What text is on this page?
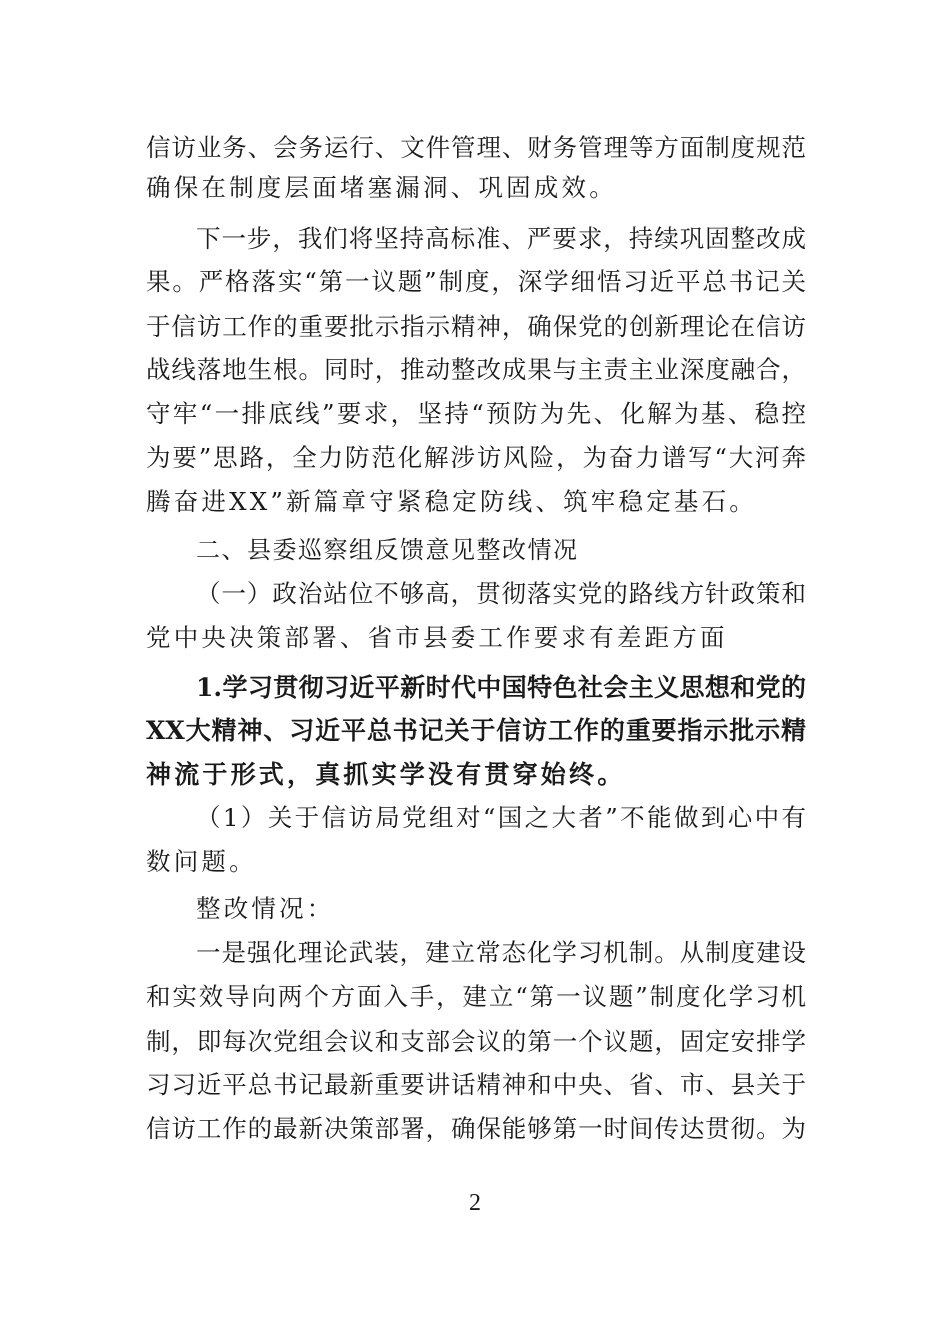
信访业务、会务运行、文件管理、财务管理等方面制度规范
确保在制度层面堵塞漏洞、巩固成效。
下一步，我们将坚持高标准、严要求，持续巩固整改成
果。严格落实“第一议题”制度，深学细悟习近平总书记关
于信访工作的重要批示指示精神，确保党的创新理论在信访
战线落地生根。同时，推动整改成果与主责主业深度融合，
守牢“一排底线”要求，坚持“预防为先、化解为基、稳控
为要”思路，全力防范化解涉访风险，为奋力谱写“大河奔
腾奋进XX”新篇章守紧稳定防线、筑牢稳定基石。
二、县委巡察组反馈意见整改情况
（一）政治站位不够高，贯彻落实党的路线方针政策和
党中央决策部署、省市县委工作要求有差距方面
1.学习贯彻习近平新时代中国特色社会主义思想和党的
XX大精神、习近平总书记关于信访工作的重要指示批示精
神流于形式，真抓实学没有贯穿始终。
（1）关于信访局党组对“国之大者”不能做到心中有
数问题。
整改情况：
一是强化理论武装，建立常态化学习机制。从制度建设
和实效导向两个方面入手，建立“第一议题”制度化学习机
制，即每次党组会议和支部会议的第一个议题，固定安排学
习习近平总书记最新重要讲话精神和中央、省、市、县关于
信访工作的最新决策部署，确保能够第一时间传达贯彻。为
2
